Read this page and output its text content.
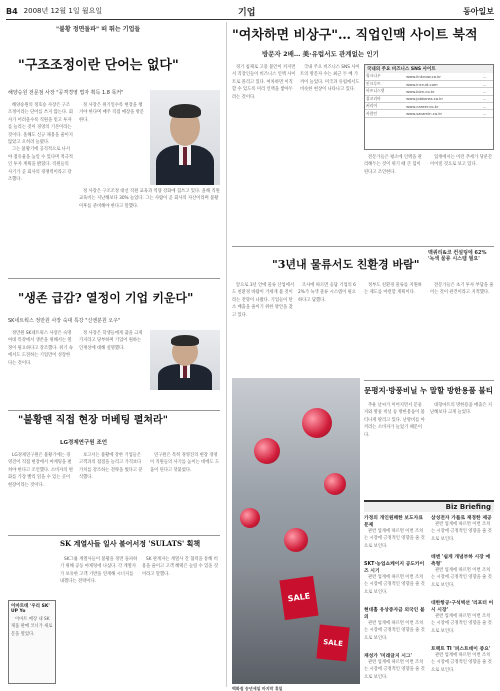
B4 2008년 12월 1일 월요일	기업	동아일보
"불황 정면돌파" 떠 뛰는 기업들
"구조조정이란 단어는 없다"
해양승원 전문점 사장 "공격경영 법자 획득 1.8 목커"

해양승원의 정호승 사장은 구조조정이라는 단어를 쓰지 않는다. 회사가 어려울수록 직원을 믿고 투자를 늘리는 것이 경영의 기본이라는 것이다. 올해도 신규 채용을 줄이지 않았고 오히려 늘렸다.

그는 불황기에 공격적으로 나서야 점유율을 높일 수 있다며 적극적인 투자 계획을 밝혔다. 직원들의 사기가 곧 회사의 경쟁력이라고 강조했다.

정 사장은 위기일수록 현장을 챙겨야 한다며 매주 직접 매장을 방문한다.

정 사장은 구조조정 대신 직원 교육과 역량 강화에 힘쓰고 있다. 올해 직원 교육비는 지난해보다 30% 늘었다. 그는 사람이 곧 회사의 자산이라며 불황 이후를 준비해야 한다고 말했다.

"생존 급감? 열정이 기업 키운다"
SK네트웍스 정만원 사장 숙대 특강 "신엔분원 오우"

정만원 SK네트웍스 사장은 숙명여대 특강에서 생존을 위해서는 열정이 필요하다고 강조했다. 위기 속에서도 도전하는 기업만이 성장한다는 것이다.

정 사장은 학생들에게 꿈을 크게 가지라고 당부하며 기업이 원하는 인재상에 대해 설명했다.

"불황땐 직접 현장 머베팅 펼쳐라"
LG경제연구원 조언

LG경제연구원은 불황기에는 경영진이 직접 현장에서 마케팅을 펼쳐야 한다고 조언했다. 소비자의 변화를 가장 빨리 읽을 수 있는 곳이 현장이라는 것이다.

보고서는 불황에 강한 기업들은 고객과의 접점을 늘리고 가격보다 가치를 강조하는 전략을 썼다고 분석했다.

연구원은 특히 경영진의 현장 경영이 직원들의 사기를 높이는 데에도 도움이 된다고 덧붙였다.

SK 계열사들 일사 불어서정 'SULATS' 획책

SK그룹 계열사들이 불황을 정면 돌파하기 위해 공동 마케팅에 나섰다. 각 계열사가 보유한 고객 기반을 연계해 시너지를 내겠다는 전략이다.

SK 관계자는 계열사 간 협력을 통해 비용을 줄이고 고객 혜택은 늘릴 수 있을 것이라고 말했다.

이마트데 '우리 SK' UP Yo

이마트 매장 내 SK 제품 판매 코너가 새로 문을 열었다.

"여차하면 비상구"… 직업인맥 사이트 북적
방문자 2배… 美·유럽서도 관계없는 인기

경기 침체로 고용 불안이 커지면서 직장인들이 비즈니스 인맥 사이트로 몰리고 있다. 여차하면 이직할 수 있도록 미리 인맥을 쌓아두려는 것이다.

국내 주요 비즈니스 SNS 사이트의 방문자 수는 최근 두 배 가까이 늘었다. 미국과 유럽에서도 비슷한 현상이 나타나고 있다.

국내의 주요 비즈니스 SNS 사이트
링크나우	www.linknow.co.kr	...
인크루트	www.incruit.com	...
비즈니스넷	www.bizn.co.kr	...
잡코리아	www.jobkorea.co.kr	...
커리어	www.career.co.kr	...
사람인	www.saramin.co.kr	...

전문가들은 평소에 인맥을 관리해두는 것이 위기 때 큰 힘이 된다고 조언한다.

업계에서는 이런 추세가 당분간 이어질 것으로 보고 있다.

"3년내 물류서도 친환경 바람"
맥쿼리&코 컨설팅에 62% '녹색 물류 시스템 필요'

앞으로 3년 안에 물류 산업에서도 친환경 바람이 거세게 불 것이라는 전망이 나왔다. 기업들이 탄소 배출을 줄이기 위한 방안을 찾고 있다.

조사에 따르면 응답 기업의 62%가 녹색 물류 시스템이 필요하다고 답했다.

정부도 친환경 물류를 지원하는 제도를 마련할 계획이다.

전문가들은 초기 투자 부담을 줄이는 것이 관건이라고 지적했다.

SALE
SALE
백화점 송년세일 마지막 휴일
문평지·방풍비닐 누 말할 방한용품 불티

추운 날씨가 이어지면서 문풍지와 방풍 비닐 등 방한용품이 불티나게 팔리고 있다. 난방비를 아끼려는 소비자가 늘었기 때문이다.

대형마트의 방한용품 매출은 지난해보다 크게 늘었다.

Biz Briefing
가정의 개인원패한 보도자료 문제

관련 업계에 따르면 이번 조치는 시장에 긍정적인 영향을 줄 것으로 보인다.

SKT·농업쇼케이지 공도카이즈 시기

관련 업계에 따르면 이번 조치는 시장에 긍정적인 영향을 줄 것으로 보인다.

현대홀 유상증자금 외국인 불의

관련 업계에 따르면 이번 조치는 시장에 긍정적인 영향을 줄 것으로 보인다.

재성가 '미래글지 시그'

관련 업계에 따르면 이번 조치는 시장에 긍정적인 영향을 줄 것으로 보인다.

삼성전자 가를로 재경한 제공

관련 업계에 따르면 이번 조치는 시장에 긍정적인 영향을 줄 것으로 보인다.

데엔 '쉽게 개념부하 시장 예측형'

관련 업계에 따르면 이번 조치는 시장에 긍정적인 영향을 줄 것으로 보인다.

대한항공·구석벽선 '리포터 어시 시장'

관련 업계에 따르면 이번 조치는 시장에 긍정적인 영향을 줄 것으로 보인다.

트랙트 TI '퍼스트데이 중요'

관련 업계에 따르면 이번 조치는 시장에 긍정적인 영향을 줄 것으로 보인다.
